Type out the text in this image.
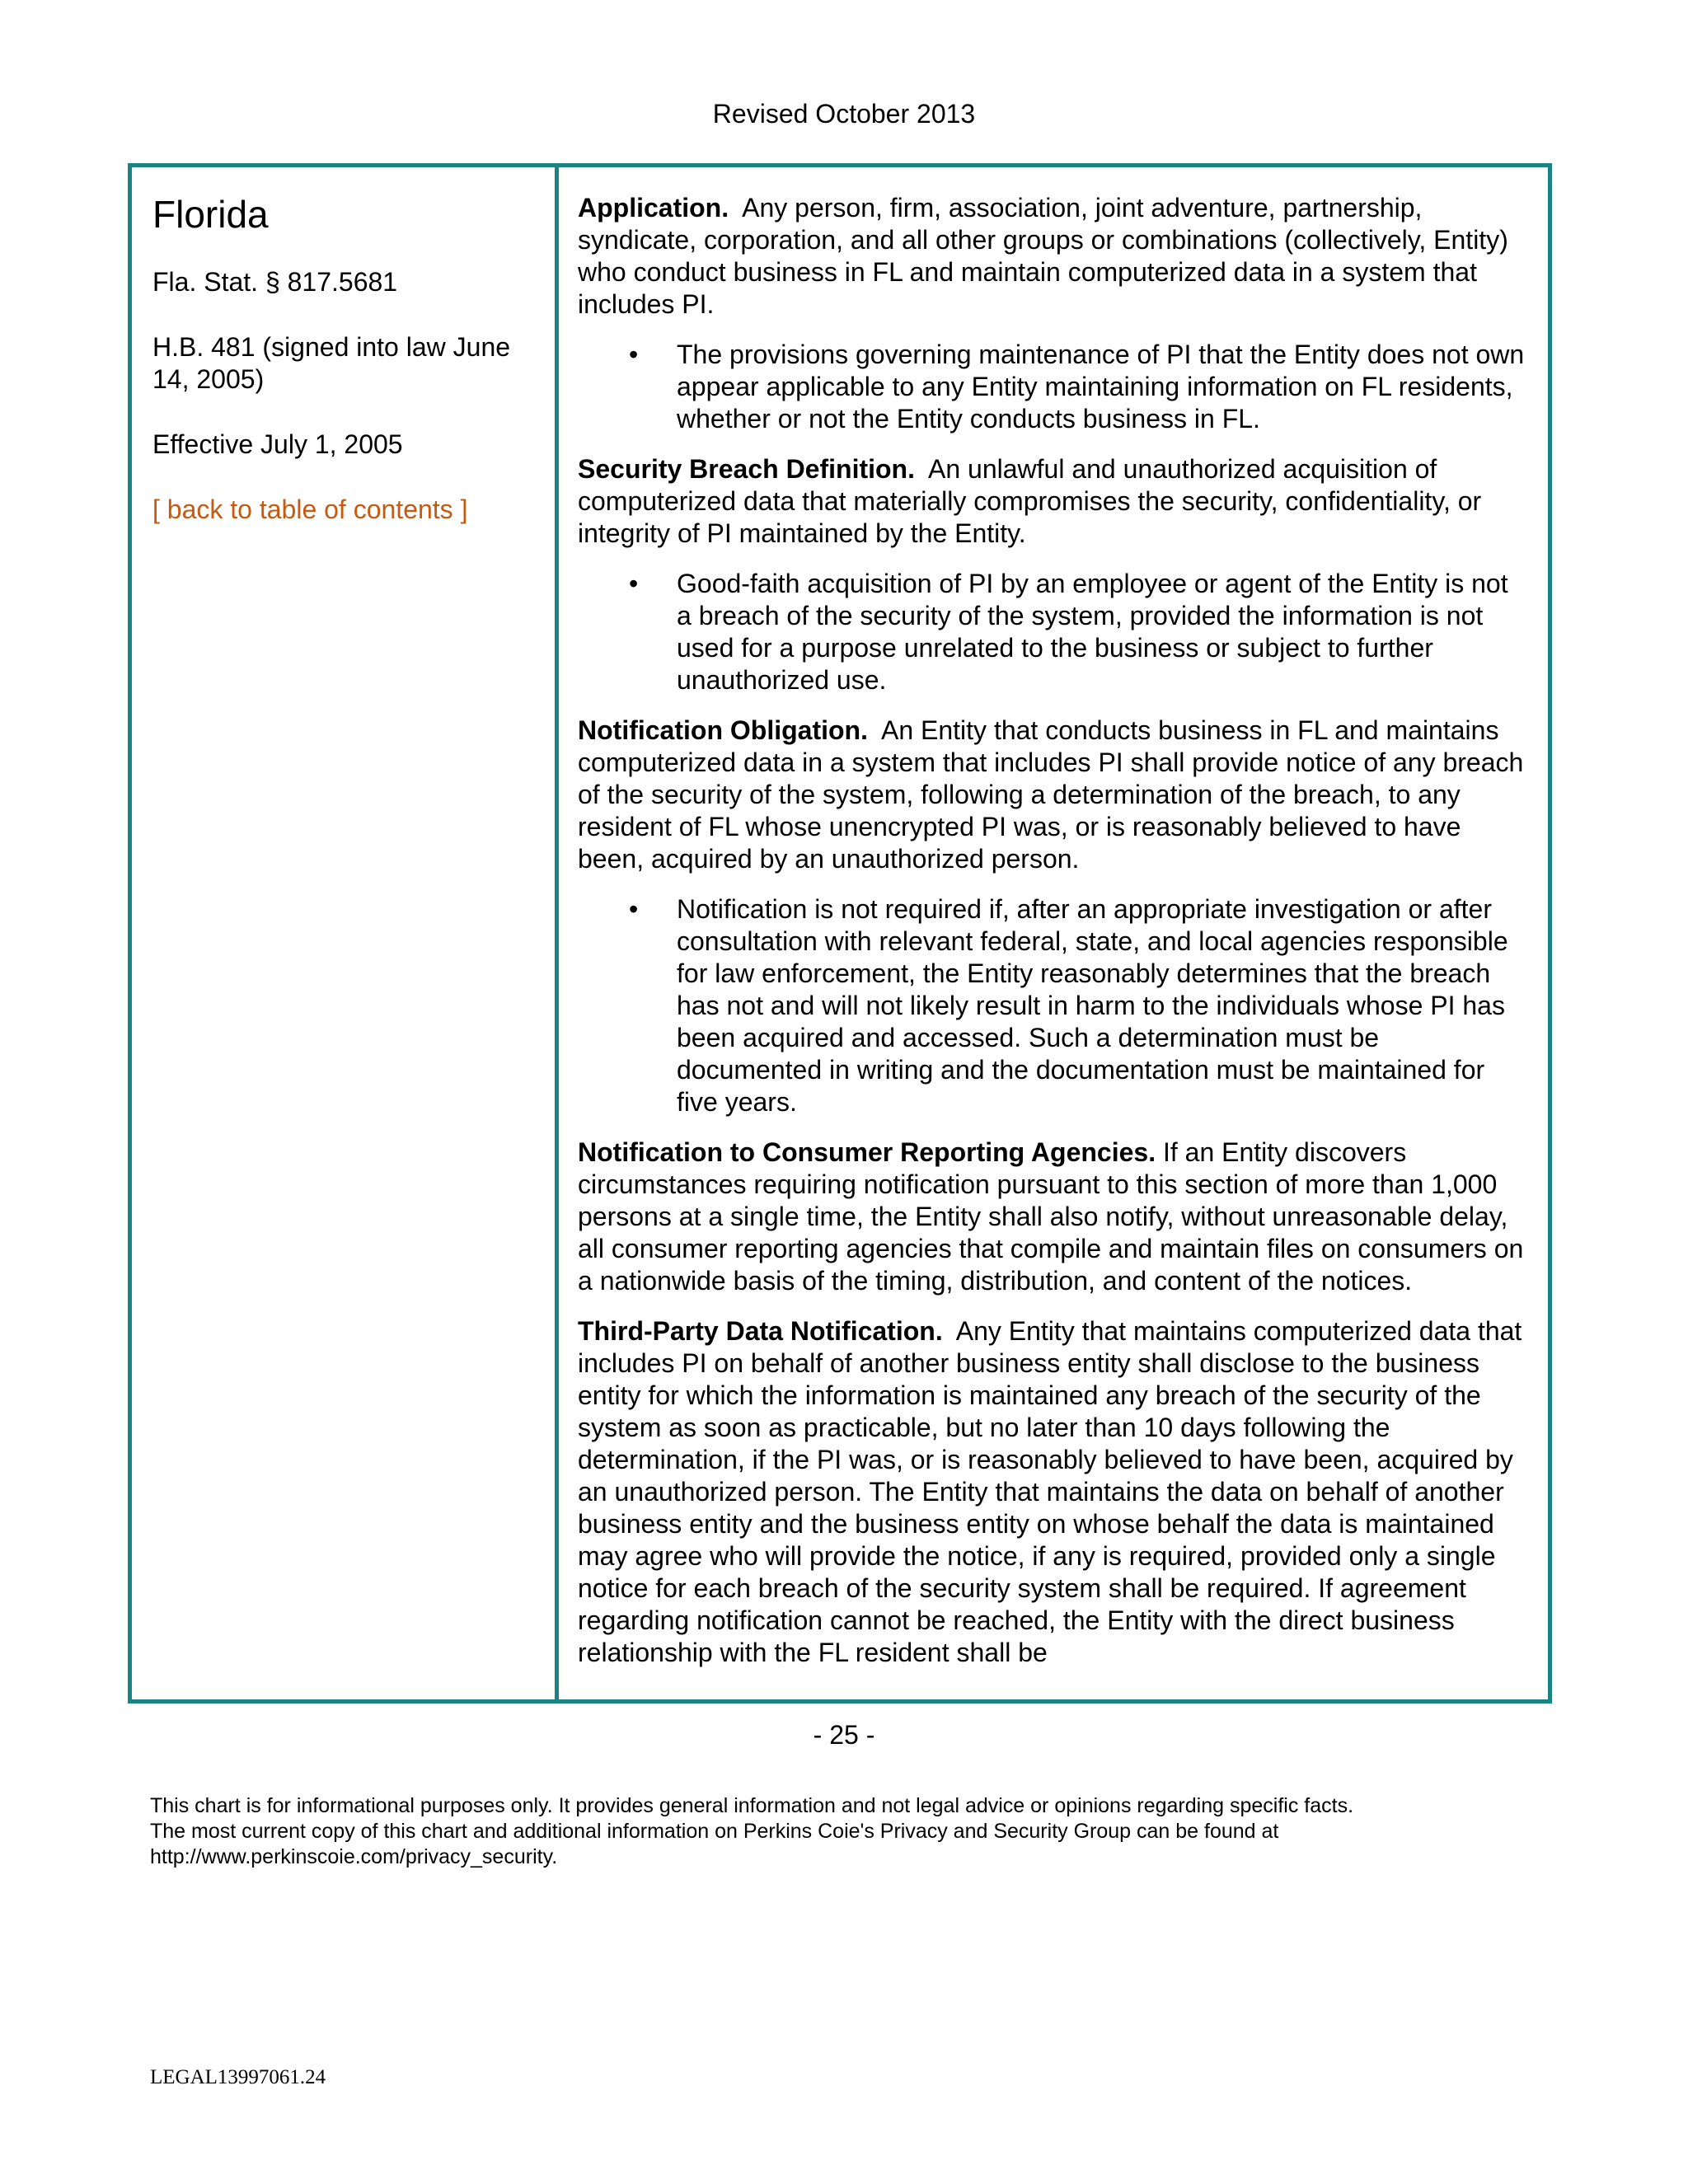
Revised October 2013
Florida
Fla. Stat. § 817.5681
H.B. 481 (signed into law June 14, 2005)
Effective July 1, 2005
[ back to table of contents ]

Application. Any person, firm, association, joint adventure, partnership, syndicate, corporation, and all other groups or combinations (collectively, Entity) who conduct business in FL and maintain computerized data in a system that includes PI.

• The provisions governing maintenance of PI that the Entity does not own appear applicable to any Entity maintaining information on FL residents, whether or not the Entity conducts business in FL.

Security Breach Definition. An unlawful and unauthorized acquisition of computerized data that materially compromises the security, confidentiality, or integrity of PI maintained by the Entity.

• Good-faith acquisition of PI by an employee or agent of the Entity is not a breach of the security of the system, provided the information is not used for a purpose unrelated to the business or subject to further unauthorized use.

Notification Obligation. An Entity that conducts business in FL and maintains computerized data in a system that includes PI shall provide notice of any breach of the security of the system, following a determination of the breach, to any resident of FL whose unencrypted PI was, or is reasonably believed to have been, acquired by an unauthorized person.

• Notification is not required if, after an appropriate investigation or after consultation with relevant federal, state, and local agencies responsible for law enforcement, the Entity reasonably determines that the breach has not and will not likely result in harm to the individuals whose PI has been acquired and accessed. Such a determination must be documented in writing and the documentation must be maintained for five years.

Notification to Consumer Reporting Agencies. If an Entity discovers circumstances requiring notification pursuant to this section of more than 1,000 persons at a single time, the Entity shall also notify, without unreasonable delay, all consumer reporting agencies that compile and maintain files on consumers on a nationwide basis of the timing, distribution, and content of the notices.

Third-Party Data Notification. Any Entity that maintains computerized data that includes PI on behalf of another business entity shall disclose to the business entity for which the information is maintained any breach of the security of the system as soon as practicable, but no later than 10 days following the determination, if the PI was, or is reasonably believed to have been, acquired by an unauthorized person. The Entity that maintains the data on behalf of another business entity and the business entity on whose behalf the data is maintained may agree who will provide the notice, if any is required, provided only a single notice for each breach of the security system shall be required. If agreement regarding notification cannot be reached, the Entity with the direct business relationship with the FL resident shall be

- 25 -
This chart is for informational purposes only. It provides general information and not legal advice or opinions regarding specific facts.
The most current copy of this chart and additional information on Perkins Coie's Privacy and Security Group can be found at
http://www.perkinscoie.com/privacy_security.
LEGAL13997061.24
